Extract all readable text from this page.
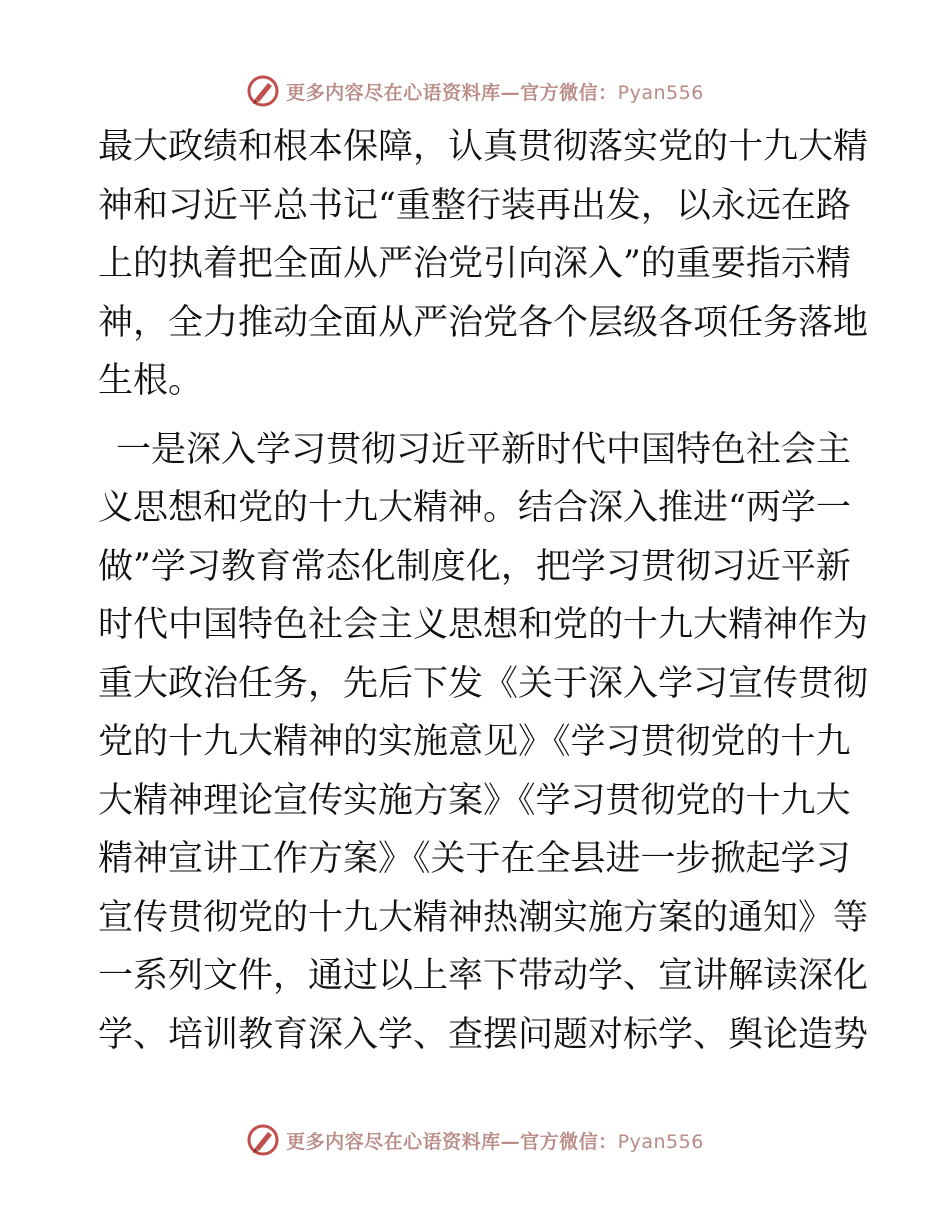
更多内容尽在心语资料库—官方微信：Pyan556
最大政绩和根本保障，认真贯彻落实党的十九大精
神和习近平总书记“重整行装再出发，以永远在路
上的执着把全面从严治党引向深入”的重要指示精
神，全力推动全面从严治党各个层级各项任务落地
生根。
一是深入学习贯彻习近平新时代中国特色社会主
义思想和党的十九大精神。结合深入推进“两学一
做”学习教育常态化制度化，把学习贯彻习近平新
时代中国特色社会主义思想和党的十九大精神作为
重大政治任务，先后下发《关于深入学习宣传贯彻
党的十九大精神的实施意见》《学习贯彻党的十九
大精神理论宣传实施方案》《学习贯彻党的十九大
精神宣讲工作方案》《关于在全县进一步掀起学习
宣传贯彻党的十九大精神热潮实施方案的通知》等
一系列文件，通过以上率下带动学、宣讲解读深化
学、培训教育深入学、查摆问题对标学、舆论造势
更多内容尽在心语资料库—官方微信：Pyan556
